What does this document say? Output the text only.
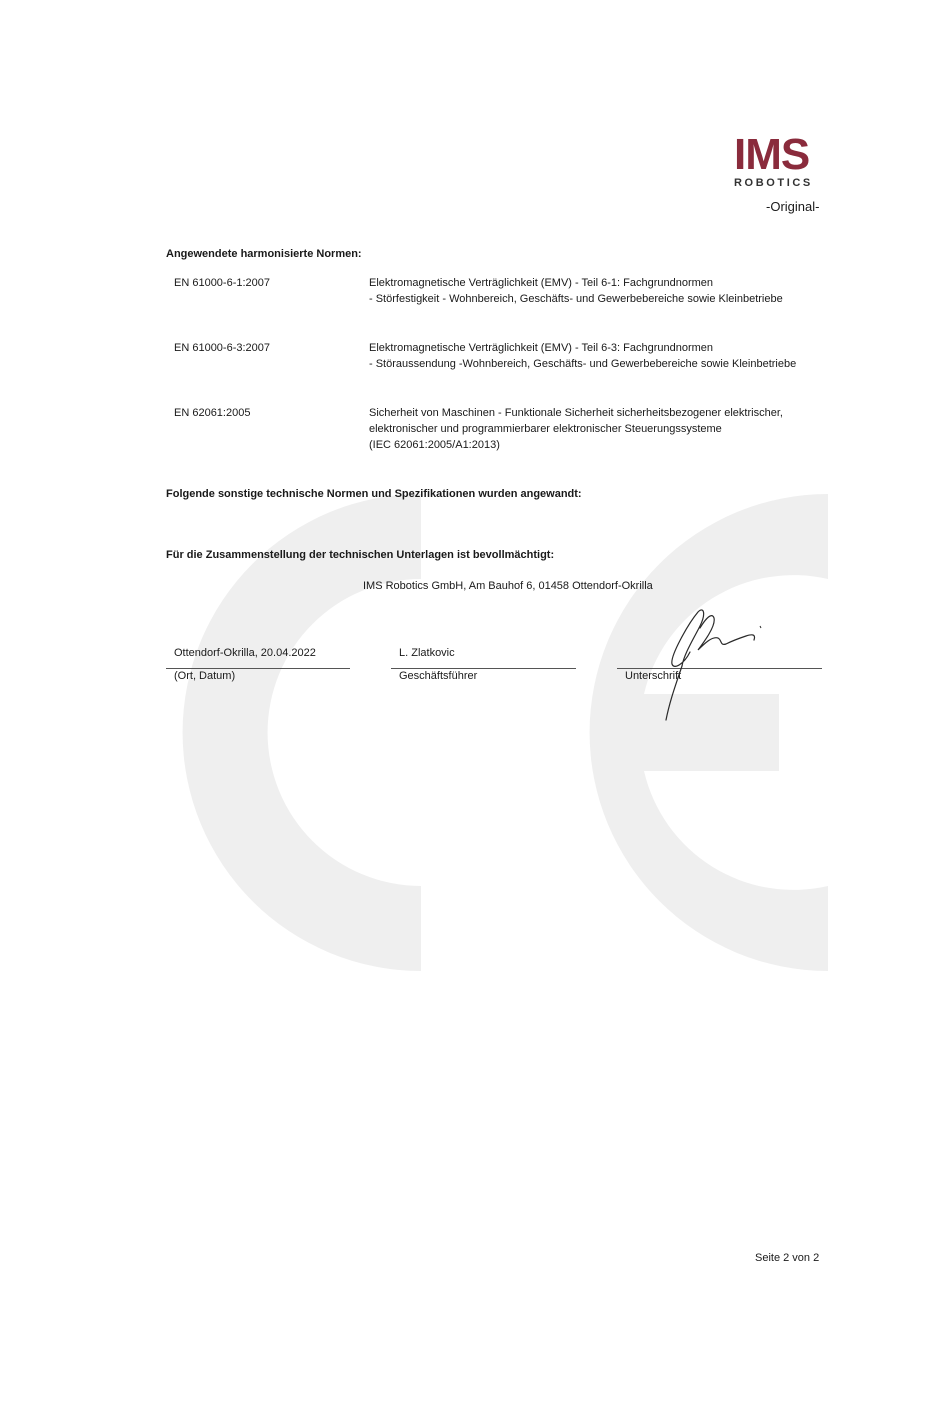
IMS
ROBOTICS
-Original-
Angewendete harmonisierte Normen:
EN 61000-6-1:2007	Elektromagnetische Verträglichkeit (EMV) - Teil 6-1: Fachgrundnormen
- Störfestigkeit - Wohnbereich, Geschäfts- und Gewerbebereiche sowie Kleinbetriebe
EN 61000-6-3:2007	Elektromagnetische Verträglichkeit (EMV) - Teil 6-3: Fachgrundnormen
- Störaussendung -Wohnbereich, Geschäfts- und Gewerbebereiche sowie Kleinbetriebe
EN 62061:2005	Sicherheit von Maschinen - Funktionale Sicherheit sicherheitsbezogener elektrischer,
elektronischer und programmierbarer elektronischer Steuerungssysteme
(IEC 62061:2005/A1:2013)
Folgende sonstige technische Normen und Spezifikationen wurden angewandt:
Für die Zusammenstellung der technischen Unterlagen ist bevollmächtigt:
IMS Robotics GmbH, Am Bauhof 6, 01458 Ottendorf-Okrilla
Ottendorf-Okrilla, 20.04.2022
(Ort, Datum)
L. Zlatkovic
Geschäftsführer	Unterschrift
Seite 2 von 2
